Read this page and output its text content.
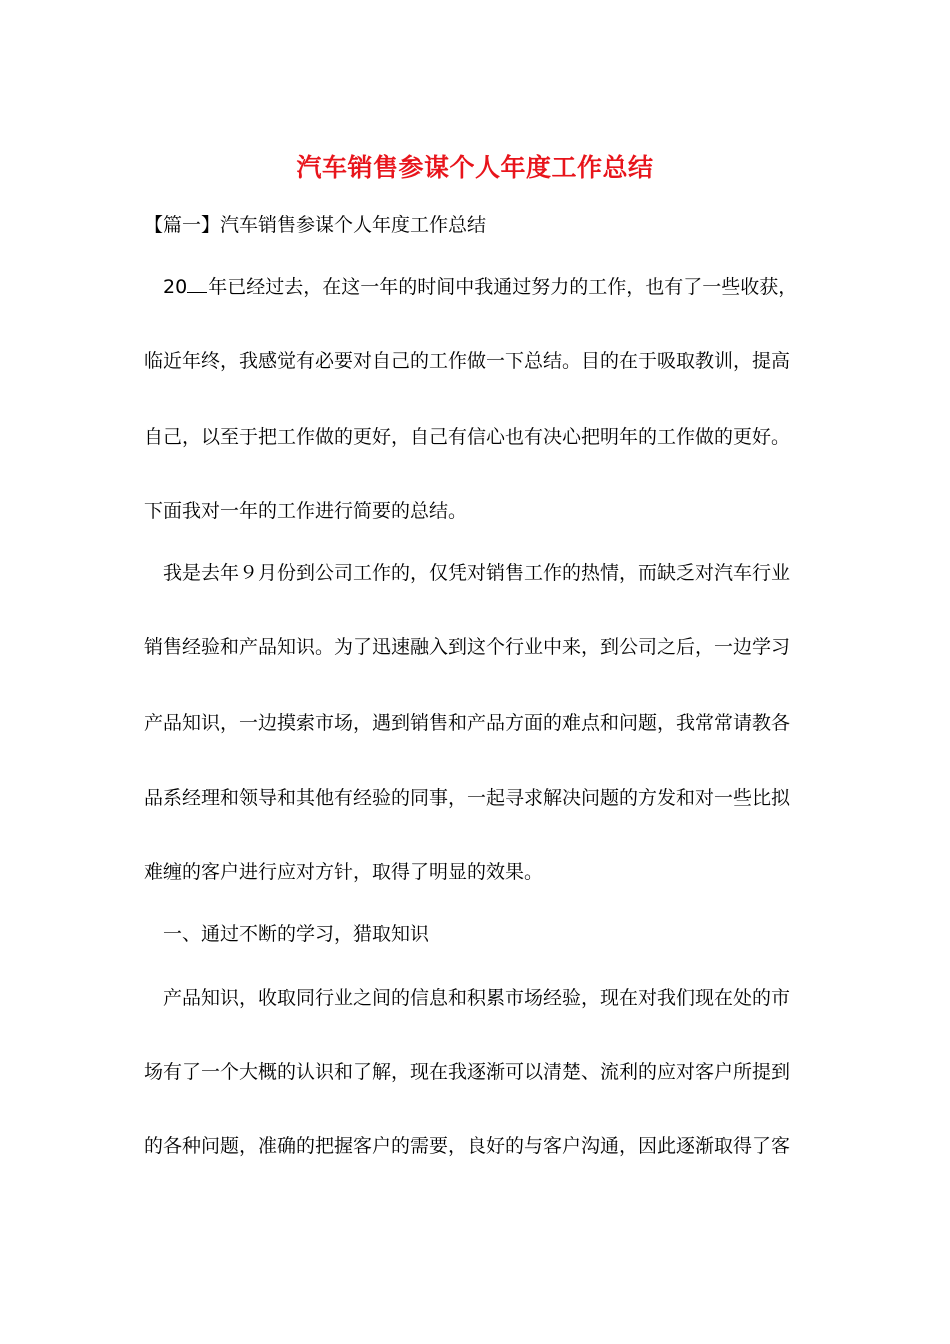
汽车销售参谋个人年度工作总结
【篇一】汽车销售参谋个人年度工作总结
20 年已经过去，在这一年的时间中我通过努力的工作，也有了一些收获，
临近年终，我感觉有必要对自己的工作做一下总结。目的在于吸取教训，提高
自己，以至于把工作做的更好，自己有信心也有决心把明年的工作做的更好。
下面我对一年的工作进行简要的总结。
我是去年９月份到公司工作的，仅凭对销售工作的热情，而缺乏对汽车行业
销售经验和产品知识。为了迅速融入到这个行业中来，到公司之后，一边学习
产品知识，一边摸索市场，遇到销售和产品方面的难点和问题，我常常请教各
品系经理和领导和其他有经验的同事，一起寻求解决问题的方发和对一些比拟
难缠的客户进行应对方针，取得了明显的效果。
一、通过不断的学习，猎取知识
产品知识，收取同行业之间的信息和积累市场经验，现在对我们现在处的市
场有了一个大概的认识和了解，现在我逐渐可以清楚、流利的应对客户所提到
的各种问题，准确的把握客户的需要，良好的与客户沟通，因此逐渐取得了客
